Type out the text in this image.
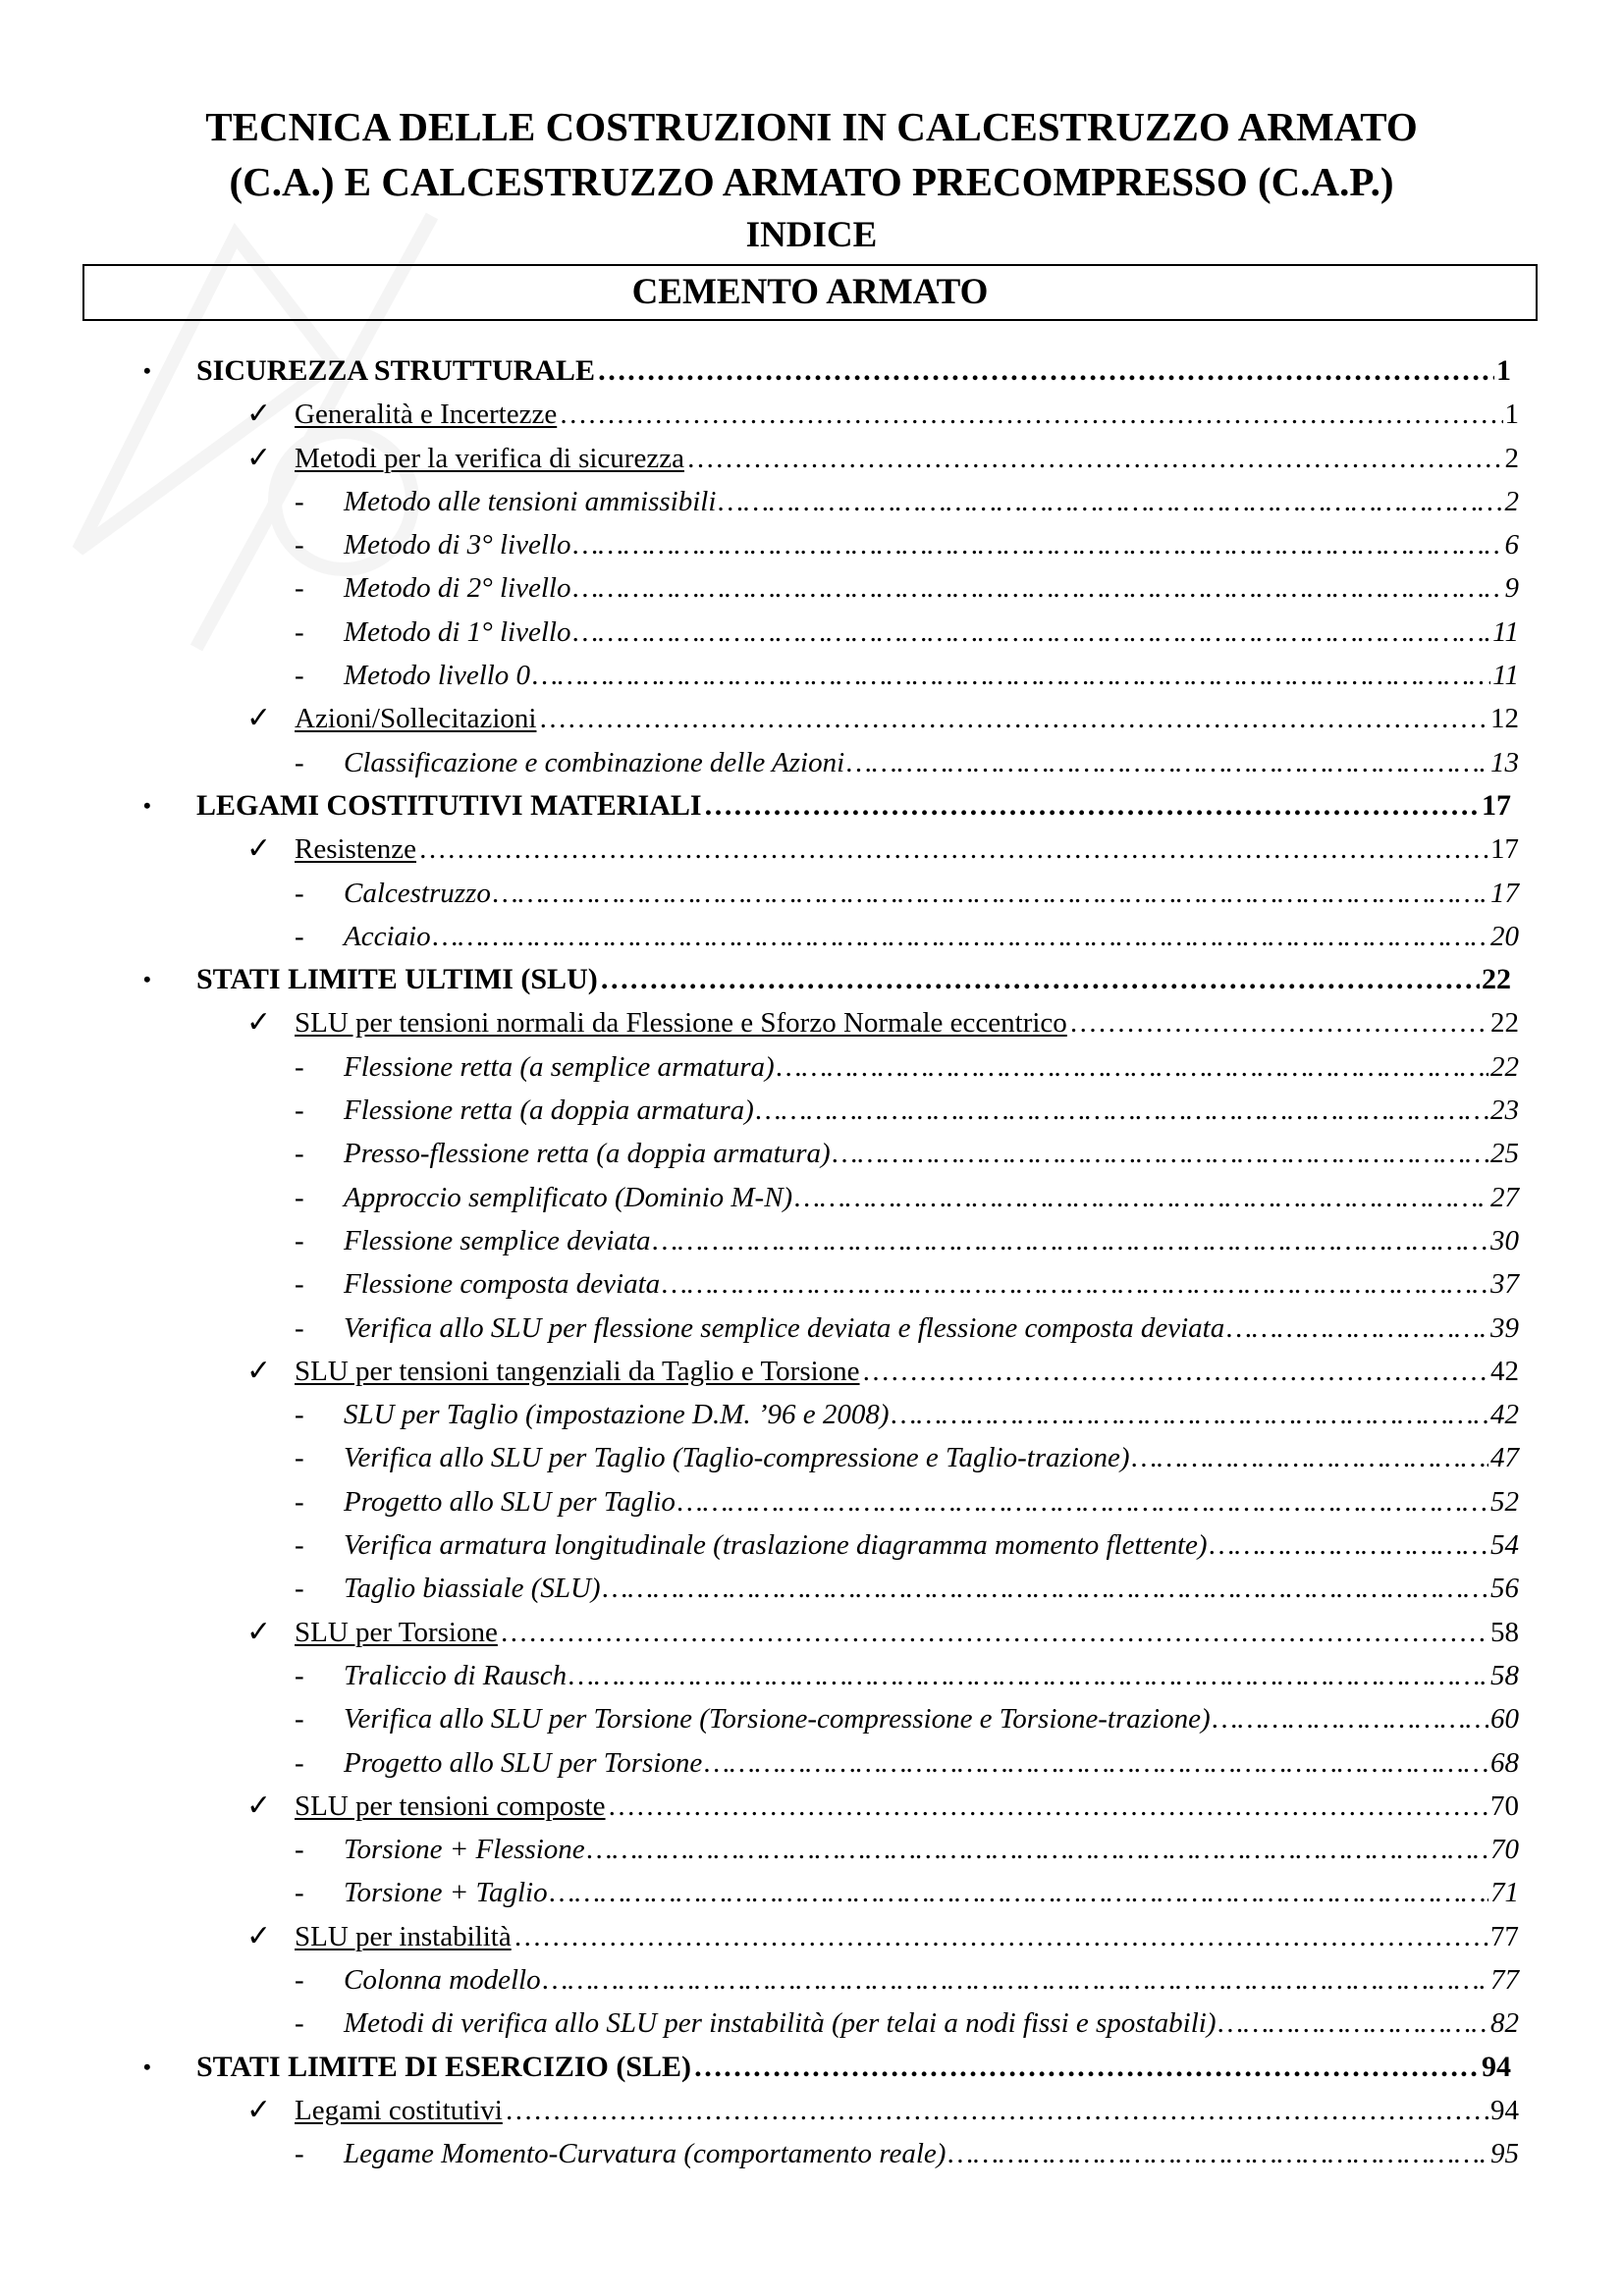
TECNICA DELLE COSTRUZIONI IN CALCESTRUZZO ARMATO
(C.A.) E CALCESTRUZZO ARMATO PRECOMPRESSO (C.A.P.)
INDICE
CEMENTO ARMATO
• SICUREZZA STRUTTURALE …………………………………………………………………………………………………………………………………………………………………………………………………	1
✓ Generalità e Incertezze …………………………………………………………………………………………………………………………………………………………………………………………………	1
✓ Metodi per la verifica di sicurezza …………………………………………………………………………………………………………………………………………………………………………………………………	2
- Metodo alle tensioni ammissibili …………………………………………………………………………………………………………………………………………………………………………………………………	2
- Metodo di 3° livello …………………………………………………………………………………………………………………………………………………………………………………………………	6
- Metodo di 2° livello …………………………………………………………………………………………………………………………………………………………………………………………………	9
- Metodo di 1° livello …………………………………………………………………………………………………………………………………………………………………………………………………	11
- Metodo livello 0 …………………………………………………………………………………………………………………………………………………………………………………………………	11
✓ Azioni/Sollecitazioni …………………………………………………………………………………………………………………………………………………………………………………………………	12
- Classificazione e combinazione delle Azioni …………………………………………………………………………………………………………………………………………………………………………………………………	13
• LEGAMI COSTITUTIVI MATERIALI …………………………………………………………………………………………………………………………………………………………………………………………………	17
✓ Resistenze …………………………………………………………………………………………………………………………………………………………………………………………………	17
- Calcestruzzo …………………………………………………………………………………………………………………………………………………………………………………………………	17
- Acciaio …………………………………………………………………………………………………………………………………………………………………………………………………	20
• STATI LIMITE ULTIMI (SLU) …………………………………………………………………………………………………………………………………………………………………………………………………	22
✓ SLU per tensioni normali da Flessione e Sforzo Normale eccentrico …………………………………………………………………………………………………………………………………………………………………………………………………	22
- Flessione retta (a semplice armatura) …………………………………………………………………………………………………………………………………………………………………………………………………	22
- Flessione retta (a doppia armatura) …………………………………………………………………………………………………………………………………………………………………………………………………	23
- Presso-flessione retta (a doppia armatura) …………………………………………………………………………………………………………………………………………………………………………………………………	25
- Approccio semplificato (Dominio M-N) …………………………………………………………………………………………………………………………………………………………………………………………………	27
- Flessione semplice deviata …………………………………………………………………………………………………………………………………………………………………………………………………	30
- Flessione composta deviata …………………………………………………………………………………………………………………………………………………………………………………………………	37
- Verifica allo SLU per flessione semplice deviata e flessione composta deviata …………………………………………………………………………………………………………………………………………………………………………………………………	39
✓ SLU per tensioni tangenziali da Taglio e Torsione …………………………………………………………………………………………………………………………………………………………………………………………………	42
- SLU per Taglio (impostazione D.M. ’96 e 2008) …………………………………………………………………………………………………………………………………………………………………………………………………	42
- Verifica allo SLU per Taglio (Taglio-compressione e Taglio-trazione) …………………………………………………………………………………………………………………………………………………………………………………………………	47
- Progetto allo SLU per Taglio …………………………………………………………………………………………………………………………………………………………………………………………………	52
- Verifica armatura longitudinale (traslazione diagramma momento flettente) …………………………………………………………………………………………………………………………………………………………………………………………………	54
- Taglio biassiale (SLU) …………………………………………………………………………………………………………………………………………………………………………………………………	56
✓ SLU per Torsione …………………………………………………………………………………………………………………………………………………………………………………………………	58
- Traliccio di Rausch …………………………………………………………………………………………………………………………………………………………………………………………………	58
- Verifica allo SLU per Torsione (Torsione-compressione e Torsione-trazione) …………………………………………………………………………………………………………………………………………………………………………………………………	60
- Progetto allo SLU per Torsione …………………………………………………………………………………………………………………………………………………………………………………………………	68
✓ SLU per tensioni composte …………………………………………………………………………………………………………………………………………………………………………………………………	70
- Torsione + Flessione …………………………………………………………………………………………………………………………………………………………………………………………………	70
- Torsione + Taglio …………………………………………………………………………………………………………………………………………………………………………………………………	71
✓ SLU per instabilità …………………………………………………………………………………………………………………………………………………………………………………………………	77
- Colonna modello …………………………………………………………………………………………………………………………………………………………………………………………………	77
- Metodi di verifica allo SLU per instabilità (per telai a nodi fissi e spostabili) …………………………………………………………………………………………………………………………………………………………………………………………………	82
• STATI LIMITE DI ESERCIZIO (SLE) …………………………………………………………………………………………………………………………………………………………………………………………………	94
✓ Legami costitutivi …………………………………………………………………………………………………………………………………………………………………………………………………	94
- Legame Momento-Curvatura (comportamento reale) …………………………………………………………………………………………………………………………………………………………………………………………………	95
